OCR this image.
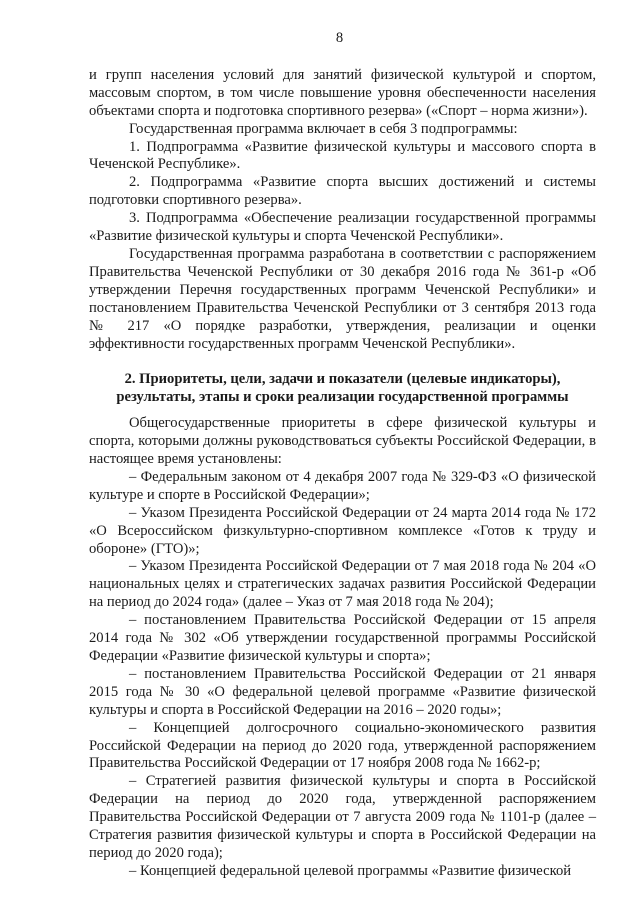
8

и групп населения условий для занятий физической культурой и спортом, массовым спортом, в том числе повышение уровня обеспеченности населения объектами спорта и подготовка спортивного резерва» («Спорт – норма жизни»).

Государственная программа включает в себя 3 подпрограммы:

1. Подпрограмма «Развитие физической культуры и массового спорта в Чеченской Республике».

2. Подпрограмма «Развитие спорта высших достижений и системы подготовки спортивного резерва».

3. Подпрограмма «Обеспечение реализации государственной программы «Развитие физической культуры и спорта Чеченской Республики».

Государственная программа разработана в соответствии с распоряжением Правительства Чеченской Республики от 30 декабря 2016 года № 361-р «Об утверждении Перечня государственных программ Чеченской Республики» и постановлением Правительства Чеченской Республики от 3 сентября 2013 года № 217 «О порядке разработки, утверждения, реализации и оценки эффективности государственных программ Чеченской Республики».

2. Приоритеты, цели, задачи и показатели (целевые индикаторы),
результаты, этапы и сроки реализации государственной программы

Общегосударственные приоритеты в сфере физической культуры и спорта, которыми должны руководствоваться субъекты Российской Федерации, в настоящее время установлены:

– Федеральным законом от 4 декабря 2007 года № 329-ФЗ «О физической культуре и спорте в Российской Федерации»;

– Указом Президента Российской Федерации от 24 марта 2014 года № 172 «О Всероссийском физкультурно-спортивном комплексе «Готов к труду и обороне» (ГТО)»;

– Указом Президента Российской Федерации от 7 мая 2018 года № 204 «О национальных целях и стратегических задачах развития Российской Федерации на период до 2024 года» (далее – Указ от 7 мая 2018 года № 204);

– постановлением Правительства Российской Федерации от 15 апреля 2014 года № 302 «Об утверждении государственной программы Российской Федерации «Развитие физической культуры и спорта»;

– постановлением Правительства Российской Федерации от 21 января 2015 года № 30 «О федеральной целевой программе «Развитие физической культуры и спорта в Российской Федерации на 2016 – 2020 годы»;

– Концепцией долгосрочного социально-экономического развития Российской Федерации на период до 2020 года, утвержденной распоряжением Правительства Российской Федерации от 17 ноября 2008 года № 1662-р;

– Стратегией развития физической культуры и спорта в Российской Федерации на период до 2020 года, утвержденной распоряжением Правительства Российской Федерации от 7 августа 2009 года № 1101-р (далее – Стратегия развития физической культуры и спорта в Российской Федерации на период до 2020 года);

– Концепцией федеральной целевой программы «Развитие физической
